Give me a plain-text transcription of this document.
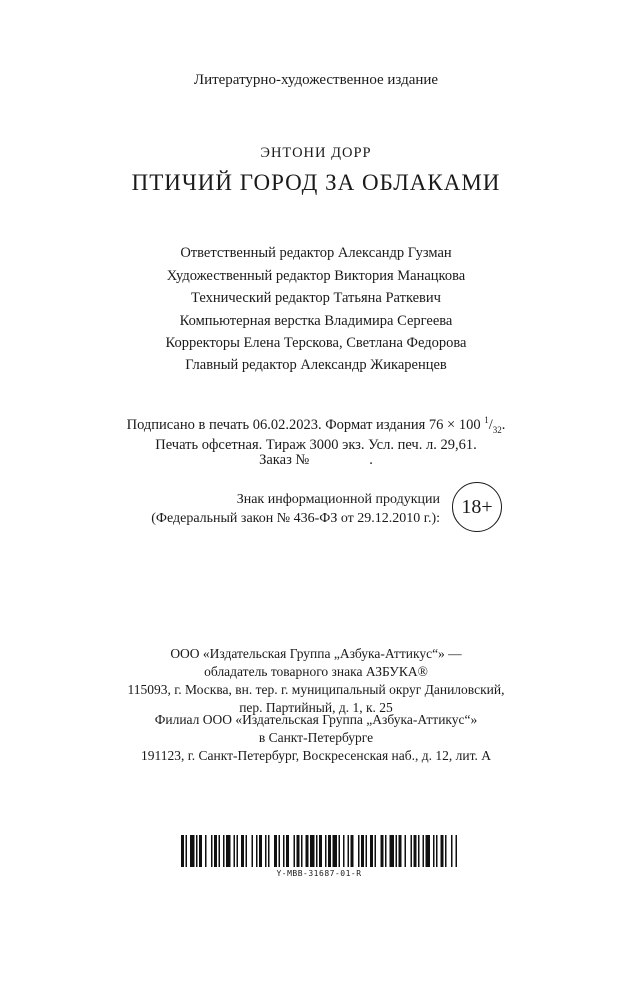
Литературно-художественное издание
ЭНТОНИ ДОРР
ПТИЧИЙ ГОРОД ЗА ОБЛАКАМИ
Ответственный редактор Александр Гузман
Художественный редактор Виктория Манацкова
Технический редактор Татьяна Раткевич
Компьютерная верстка Владимира Сергеева
Корректоры Елена Терскова, Светлана Федорова
Главный редактор Александр Жикаренцев
Подписано в печать 06.02.2023. Формат издания 76 × 100 $^1/_{32}$.
Печать офсетная. Тираж 3000 экз. Усл. печ. л. 29,61.
Заказ №	.
Знак информационной продукции
(Федеральный закон № 436-ФЗ от 29.12.2010 г.):
18+
ООО «Издательская Группа „Азбука-Аттикус“» —
обладатель товарного знака АЗБУКА®
115093, г. Москва, вн. тер. г. муниципальный округ Даниловский,
пер. Партийный, д. 1, к. 25
Филиал ООО «Издательская Группа „Азбука-Аттикус“»
в Санкт-Петербурге
191123, г. Санкт-Петербург, Воскресенская наб., д. 12, лит. А
Y-MBB-31687-01-R
